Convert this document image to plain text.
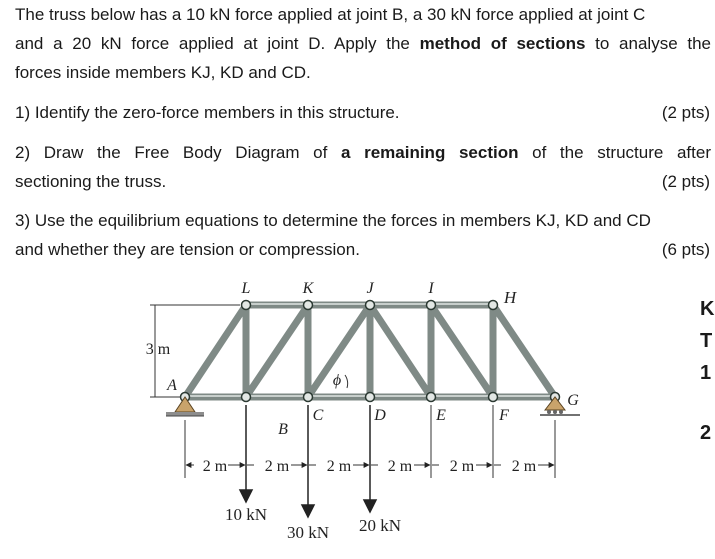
The truss below has a 10 kN force applied at joint B, a 30 kN force applied at joint C

and a 20 kN force applied at joint D. Apply the method of sections to analyse the

forces inside members KJ, KD and CD.

1) Identify the zero-force members in this structure.	(2 pts)

2) Draw the Free Body Diagram of a remaining section of the structure after

sectioning the truss.	(2 pts)

3) Use the equilibrium equations to determine the forces in members KJ, KD and CD

and whether they are tension or compression.	(6 pts)
K
T
1
2
3 m
L	K	J	I	H
A
B
C	D	E	F
G
ϕ
2 m 2 m 2 m 2 m 2 m 2 m
10 kN
30 kN 20 kN
